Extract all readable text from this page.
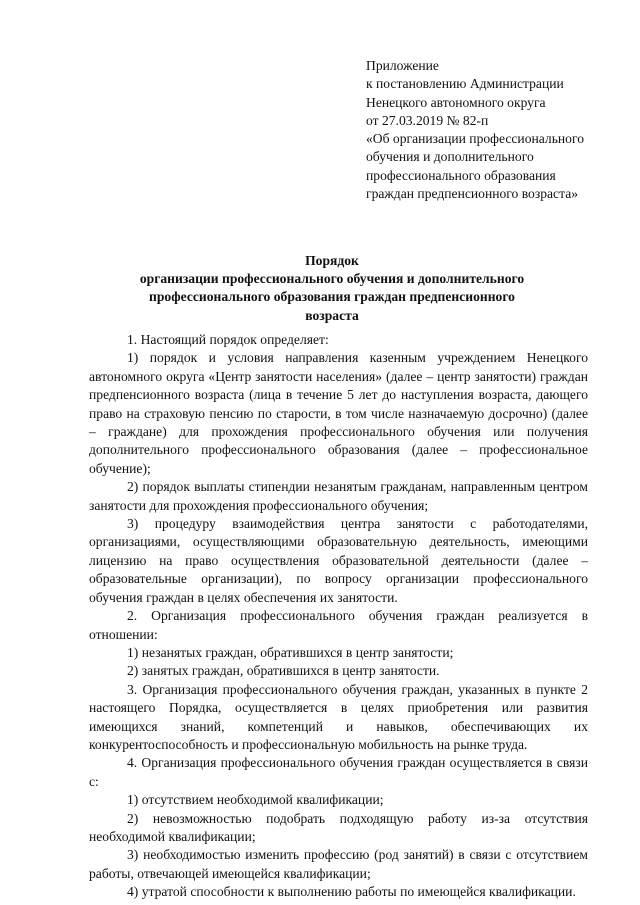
Приложение
к постановлению Администрации
Ненецкого автономного округа
от 27.03.2019 № 82-п
«Об организации профессионального
обучения и дополнительного
профессионального образования
граждан предпенсионного возраста»
Порядок
организации профессионального обучения и дополнительного
профессионального образования граждан предпенсионного
возраста

1. Настоящий порядок определяет:

1) порядок и условия направления казенным учреждением Ненецкого автономного округа «Центр занятости населения» (далее – центр занятости) граждан предпенсионного возраста (лица в течение 5 лет до наступления возраста, дающего право на страховую пенсию по старости, в том числе назначаемую досрочно) (далее – граждане) для прохождения профессионального обучения или получения дополнительного профессионального образования (далее – профессиональное обучение);

2) порядок выплаты стипендии незанятым гражданам, направленным центром занятости для прохождения профессионального обучения;

3) процедуру взаимодействия центра занятости с работодателями, организациями, осуществляющими образовательную деятельность, имеющими лицензию на право осуществления образовательной деятельности (далее – образовательные организации), по вопросу организации профессионального обучения граждан в целях обеспечения их занятости.

2. Организация профессионального обучения граждан реализуется в отношении:

1) незанятых граждан, обратившихся в центр занятости;

2) занятых граждан, обратившихся в центр занятости.

3. Организация профессионального обучения граждан, указанных в пункте 2 настоящего Порядка, осуществляется в целях приобретения или развития имеющихся знаний, компетенций и навыков, обеспечивающих их конкурентоспособность и профессиональную мобильность на рынке труда.

4. Организация профессионального обучения граждан осуществляется в связи с:

1) отсутствием необходимой квалификации;

2) невозможностью подобрать подходящую работу из-за отсутствия необходимой квалификации;

3) необходимостью изменить профессию (род занятий) в связи с отсутствием работы, отвечающей имеющейся квалификации;

4) утратой способности к выполнению работы по имеющейся квалификации.
